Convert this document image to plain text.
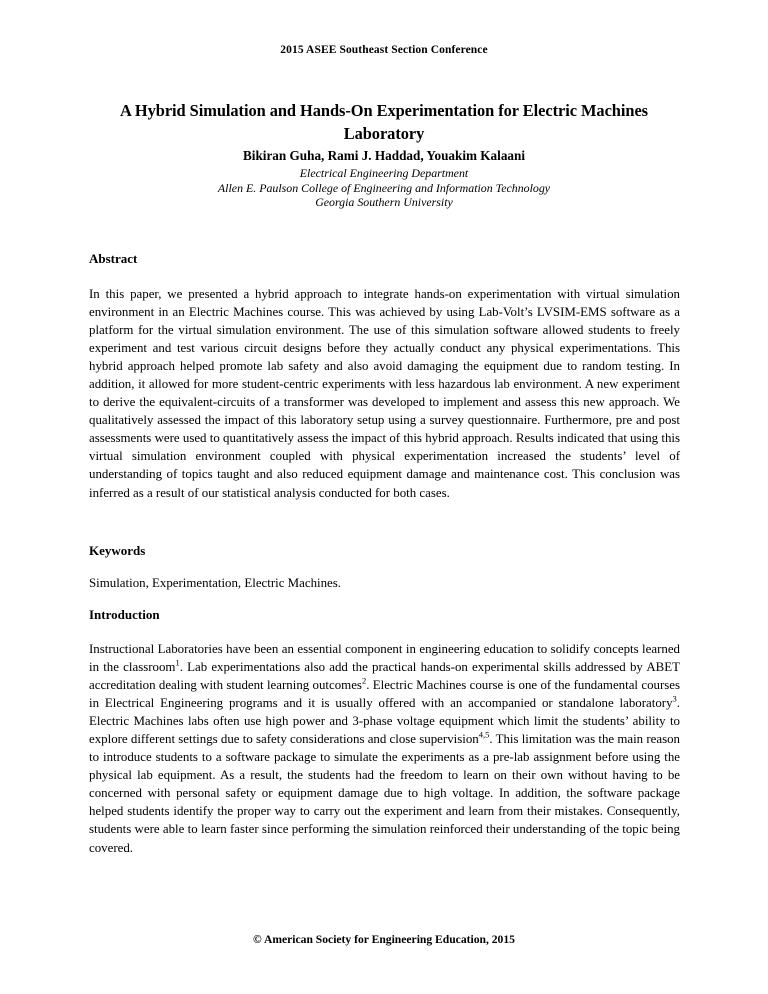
2015 ASEE Southeast Section Conference
A Hybrid Simulation and Hands-On Experimentation for Electric Machines Laboratory
Bikiran Guha, Rami J. Haddad, Youakim Kalaani
Electrical Engineering Department
Allen E. Paulson College of Engineering and Information Technology
Georgia Southern University
Abstract
In this paper, we presented a hybrid approach to integrate hands-on experimentation with virtual simulation environment in an Electric Machines course. This was achieved by using Lab-Volt’s LVSIM-EMS software as a platform for the virtual simulation environment. The use of this simulation software allowed students to freely experiment and test various circuit designs before they actually conduct any physical experimentations. This hybrid approach helped promote lab safety and also avoid damaging the equipment due to random testing. In addition, it allowed for more student-centric experiments with less hazardous lab environment. A new experiment to derive the equivalent-circuits of a transformer was developed to implement and assess this new approach. We qualitatively assessed the impact of this laboratory setup using a survey questionnaire. Furthermore, pre and post assessments were used to quantitatively assess the impact of this hybrid approach. Results indicated that using this virtual simulation environment coupled with physical experimentation increased the students’ level of understanding of topics taught and also reduced equipment damage and maintenance cost. This conclusion was inferred as a result of our statistical analysis conducted for both cases.
Keywords
Simulation, Experimentation, Electric Machines.
Introduction
Instructional Laboratories have been an essential component in engineering education to solidify concepts learned in the classroom$^1$. Lab experimentations also add the practical hands-on experimental skills addressed by ABET accreditation dealing with student learning outcomes$^2$. Electric Machines course is one of the fundamental courses in Electrical Engineering programs and it is usually offered with an accompanied or standalone laboratory$^3$. Electric Machines labs often use high power and 3-phase voltage equipment which limit the students’ ability to explore different settings due to safety considerations and close supervision$^{4,5}$. This limitation was the main reason to introduce students to a software package to simulate the experiments as a pre-lab assignment before using the physical lab equipment. As a result, the students had the freedom to learn on their own without having to be concerned with personal safety or equipment damage due to high voltage. In addition, the software package helped students identify the proper way to carry out the experiment and learn from their mistakes. Consequently, students were able to learn faster since performing the simulation reinforced their understanding of the topic being covered.
© American Society for Engineering Education, 2015
